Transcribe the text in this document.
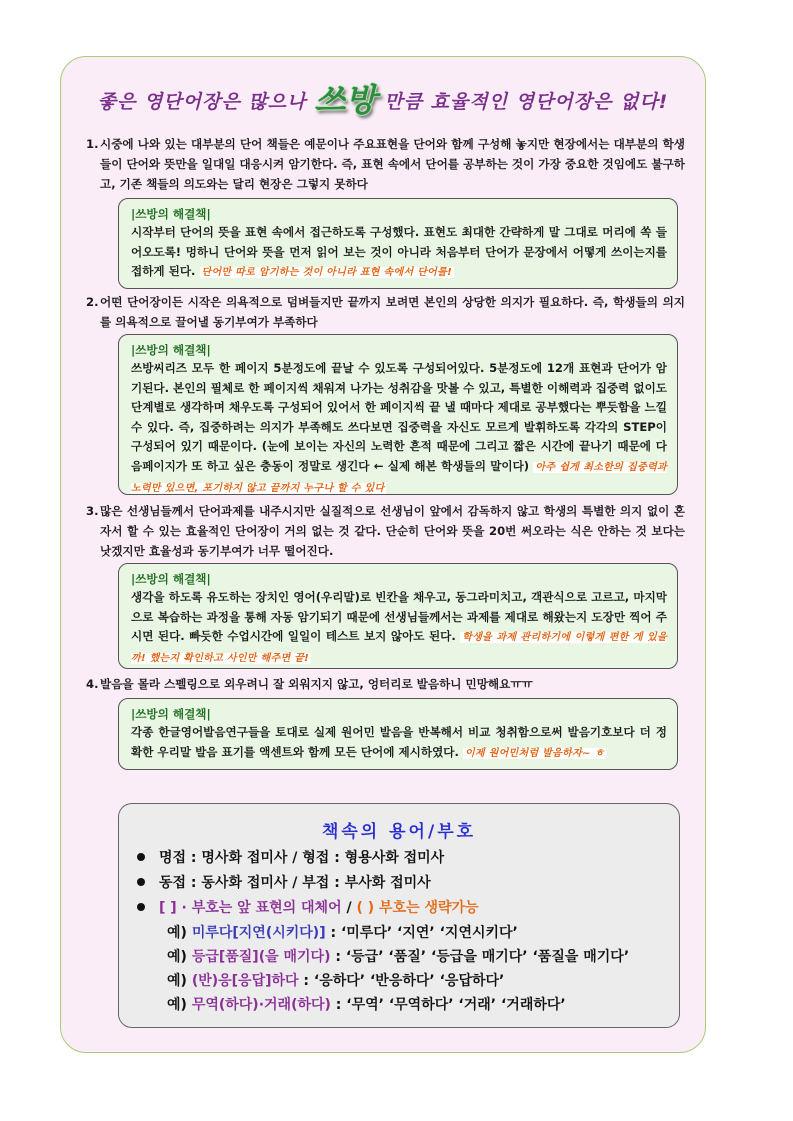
좋은 영단어장은 많으나 쓰방 만큼 효율적인 영단어장은 없다!
1. 시중에 나와 있는 대부분의 단어 책들은 예문이나 주요표현을 단어와 함께 구성해 놓지만 현장에서는 대부분의 학생들이 단어와 뜻만을 일대일 대응시켜 암기한다. 즉, 표현 속에서 단어를 공부하는 것이 가장 중요한 것임에도 불구하고, 기존 책들의 의도와는 달리 현장은 그렇지 못하다
|쓰방의 해결책|
시작부터 단어의 뜻을 표현 속에서 접근하도록 구성했다. 표현도 최대한 간략하게 말 그대로 머리에 쏙 들어오도록! 멍하니 단어와 뜻을 먼저 읽어 보는 것이 아니라 처음부터 단어가 문장에서 어떻게 쓰이는지를 접하게 된다. 단어만 따로 암기하는 것이 아니라 표현 속에서 단어를!
2. 어떤 단어장이든 시작은 의욕적으로 덤벼들지만 끝까지 보려면 본인의 상당한 의지가 필요하다. 즉, 학생들의 의지를 의욕적으로 끌어낼 동기부여가 부족하다
|쓰방의 해결책|
쓰방씨리즈 모두 한 페이지 5분정도에 끝날 수 있도록 구성되어있다. 5분정도에 12개 표현과 단어가 암기된다. 본인의 필체로 한 페이지씩 채워져 나가는 성취감을 맛볼 수 있고, 특별한 이해력과 집중력 없이도 단계별로 생각하며 채우도록 구성되어 있어서 한 페이지씩 끝 낼 때마다 제대로 공부했다는 뿌듯함을 느낄 수 있다. 즉, 집중하려는 의지가 부족해도 쓰다보면 집중력을 자신도 모르게 발휘하도록 각각의 STEP이 구성되어 있기 때문이다. (눈에 보이는 자신의 노력한 흔적 때문에 그리고 짧은 시간에 끝나기 때문에 다음페이지가 또 하고 싶은 충동이 정말로 생긴다 ← 실제 해본 학생들의 말이다) 아주 쉽게 최소한의 집중력과 노력만 있으면, 포기하지 않고 끝까지 누구나 할 수 있다
3. 많은 선생님들께서 단어과제를 내주시지만 실질적으로 선생님이 앞에서 감독하지 않고 학생의 특별한 의지 없이 혼자서 할 수 있는 효율적인 단어장이 거의 없는 것 같다. 단순히 단어와 뜻을 20번 써오라는 식은 안하는 것 보다는 낫겠지만 효율성과 동기부여가 너무 떨어진다.
|쓰방의 해결책|
생각을 하도록 유도하는 장치인 영어(우리말)로 빈칸을 채우고, 동그라미치고, 객관식으로 고르고, 마지막으로 복습하는 과정을 통해 자동 암기되기 때문에 선생님들께서는 과제를 제대로 해왔는지 도장만 찍어 주시면 된다. 빠듯한 수업시간에 일일이 테스트 보지 않아도 된다. 학생을 과제 관리하기에 이렇게 편한 게 있을까! 했는지 확인하고 사인만 해주면 끝!
4. 발음을 몰라 스펠링으로 외우려니 잘 외워지지 않고, 엉터리로 발음하니 민망해요ㅠㅠ
|쓰방의 해결책|
각종 한글영어발음연구들을 토대로 실제 원어민 발음을 반복해서 비교 청취함으로써 발음기호보다 더 정확한 우리말 발음 표기를 액센트와 함께 모든 단어에 제시하였다. 이제 원어민처럼 발음하자~ ㅎ
책속의 용어/부호
명접 : 명사화 접미사 / 형접 : 형용사화 접미사
동접 : 동사화 접미사 / 부접 : 부사화 접미사
[ ] · 부호는 앞 표현의 대체어 / ( ) 부호는 생략가능
예) 미루다[지연(시키다)] : ‘미루다’ ‘지연’ ‘지연시키다’
예) 등급[품질](을 매기다) : ‘등급’ ‘품질’ ‘등급을 매기다’ ‘품질을 매기다’
예) (반)응[응답]하다 : ‘응하다’ ‘반응하다’ ‘응답하다’
예) 무역(하다)·거래(하다) : ‘무역’ ‘무역하다’ ‘거래’ ‘거래하다’
